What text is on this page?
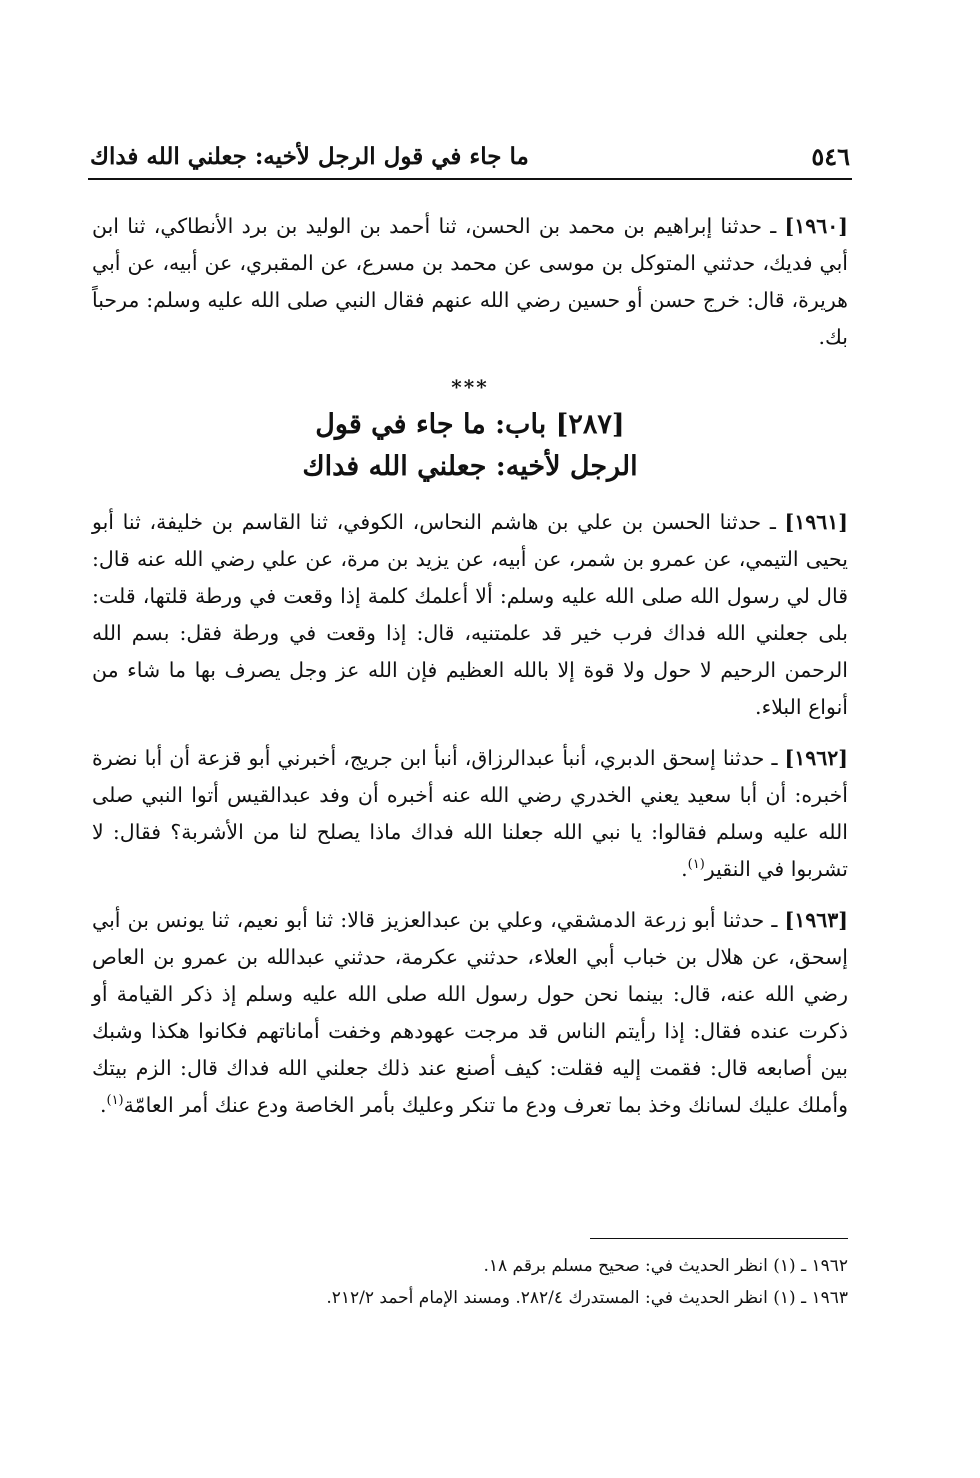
٥٤٦
ما جاء في قول الرجل لأخيه: جعلني الله فداك

[١٩٦٠] ـ حدثنا إبراهيم بن محمد بن الحسن، ثنا أحمد بن الوليد بن برد الأنطاكي، ثنا ابن أبي فديك، حدثني المتوكل بن موسى عن محمد بن مسرع، عن المقبري، عن أبيه، عن أبي هريرة، قال: خرج حسن أو حسين رضي الله عنهم فقال النبي صلى الله عليه وسلم: مرحباً بك.

***
[٢٨٧] باب: ما جاء في قول
الرجل لأخيه: جعلني الله فداك

[١٩٦١] ـ حدثنا الحسن بن علي بن هاشم النحاس، الكوفي، ثنا القاسم بن خليفة، ثنا أبو يحيى التيمي، عن عمرو بن شمر، عن أبيه، عن يزيد بن مرة، عن علي رضي الله عنه قال: قال لي رسول الله صلى الله عليه وسلم: ألا أعلمك كلمة إذا وقعت في ورطة قلتها، قلت: بلى جعلني الله فداك فرب خير قد علمتنيه، قال: إذا وقعت في ورطة فقل: بسم الله الرحمن الرحيم لا حول ولا قوة إلا بالله العظيم فإن الله عز وجل يصرف بها ما شاء من أنواع البلاء.

[١٩٦٢] ـ حدثنا إسحق الدبري، أنبأ عبدالرزاق، أنبأ ابن جريج، أخبرني أبو قزعة أن أبا نضرة أخبره: أن أبا سعيد يعني الخدري رضي الله عنه أخبره أن وفد عبدالقيس أتوا النبي صلى الله عليه وسلم فقالوا: يا نبي الله جعلنا الله فداك ماذا يصلح لنا من الأشربة؟ فقال: لا تشربوا في النقير$^{(١)}$.

[١٩٦٣] ـ حدثنا أبو زرعة الدمشقي، وعلي بن عبدالعزيز قالا: ثنا أبو نعيم، ثنا يونس بن أبي إسحق، عن هلال بن خباب أبي العلاء، حدثني عكرمة، حدثني عبدالله بن عمرو بن العاص رضي الله عنه، قال: بينما نحن حول رسول الله صلى الله عليه وسلم إذ ذكر القيامة أو ذكرت عنده فقال: إذا رأيتم الناس قد مرجت عهودهم وخفت أماناتهم فكانوا هكذا وشبك بين أصابعه قال: فقمت إليه فقلت: كيف أصنع عند ذلك جعلني الله فداك قال: الزم بيتك وأملك عليك لسانك وخذ بما تعرف ودع ما تنكر وعليك بأمر الخاصة ودع عنك أمر العامّة$^{(١)}$.

١٩٦٢ ـ (١) انظر الحديث في: صحيح مسلم برقم ١٨.

١٩٦٣ ـ (١) انظر الحديث في: المستدرك ٢٨٢/٤. ومسند الإمام أحمد ٢١٢/٢.
